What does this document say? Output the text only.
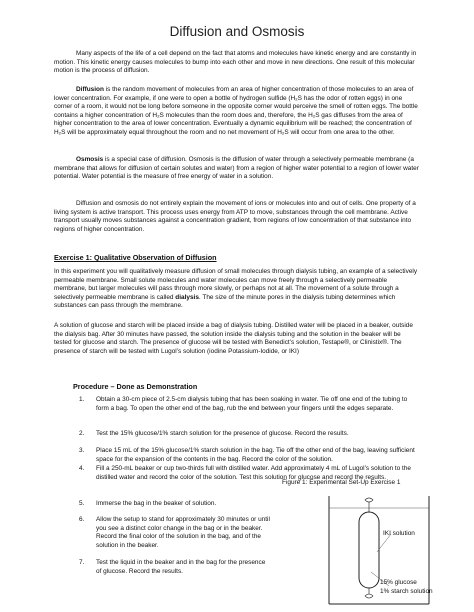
Diffusion and Osmosis

Many aspects of the life of a cell depend on the fact that atoms and molecules have kinetic energy and are constantly in motion. This kinetic energy causes molecules to bump into each other and move in new directions. One result of this molecular motion is the process of diffusion.

Diffusion is the random movement of molecules from an area of higher concentration of those molecules to an area of lower concentration. For example, if one were to open a bottle of hydrogen sulfide (H₂S has the odor of rotten eggs) in one corner of a room, it would not be long before someone in the opposite corner would perceive the smell of rotten eggs. The bottle contains a higher concentration of H₂S molecules than the room does and, therefore, the H₂S gas diffuses from the area of higher concentration to the area of lower concentration. Eventually a dynamic equilibrium will be reached; the concentration of H₂S will be approximately equal throughout the room and no net movement of H₂S will occur from one area to the other.

Osmosis is a special case of diffusion. Osmosis is the diffusion of water through a selectively permeable membrane (a membrane that allows for diffusion of certain solutes and water) from a region of higher water potential to a region of lower water potential. Water potential is the measure of free energy of water in a solution.

Diffusion and osmosis do not entirely explain the movement of ions or molecules into and out of cells. One property of a living system is active transport. This process uses energy from ATP to move, substances through the cell membrane. Active transport usually moves substances against a concentration gradient, from regions of low concentration of that substance into regions of higher concentration.

Exercise 1: Qualitative Observation of Diffusion

In this experiment you will qualitatively measure diffusion of small molecules through dialysis tubing, an example of a selectively permeable membrane. Small solute molecules and water molecules can move freely through a selectively permeable membrane, but larger molecules will pass through more slowly, or perhaps not at all. The movement of a solute through a selectively permeable membrane is called dialysis. The size of the minute pores in the dialysis tubing determines which substances can pass through the membrane.

A solution of glucose and starch will be placed inside a bag of dialysis tubing. Distilled water will be placed in a beaker, outside the dialysis bag. After 30 minutes have passed, the solution inside the dialysis tubing and the solution in the beaker will be tested for glucose and starch. The presence of glucose will be tested with Benedict’s solution, Testape®, or Clinistix®. The presence of starch will be tested with Lugol’s solution (iodine Potassium-Iodide, or IKI)

Procedure – Done as Demonstration
1.	Obtain a 30-cm piece of 2.5-cm dialysis tubing that has been soaking in water. Tie off one end of the tubing to form a bag. To open the other end of the bag, rub the end between your fingers until the edges separate.
2.	Test the 15% glucose/1% starch solution for the presence of glucose. Record the results.
3.	Place 15 mL of the 15% glucose/1% starch solution in the bag. Tie off the other end of the bag, leaving sufficient space for the expansion of the contents in the bag. Record the color of the solution.
4.	Fill a 250-mL beaker or cup two-thirds full with distilled water. Add approximately 4 mL of Lugol’s solution to the distilled water and record the color of the solution. Test this solution for glucose and record the results.
5.	Immerse the bag in the beaker of solution.
6.	Allow the setup to stand for approximately 30 minutes or until you see a distinct color change in the bag or in the beaker. Record the final color of the solution in the bag, and of the solution in the beaker.
7.	Test the liquid in the beaker and in the bag for the presence of glucose. Record the results.
Figure 1: Experimental Set-Up Exercise 1
IKI solution
15% glucose
1% starch solution
